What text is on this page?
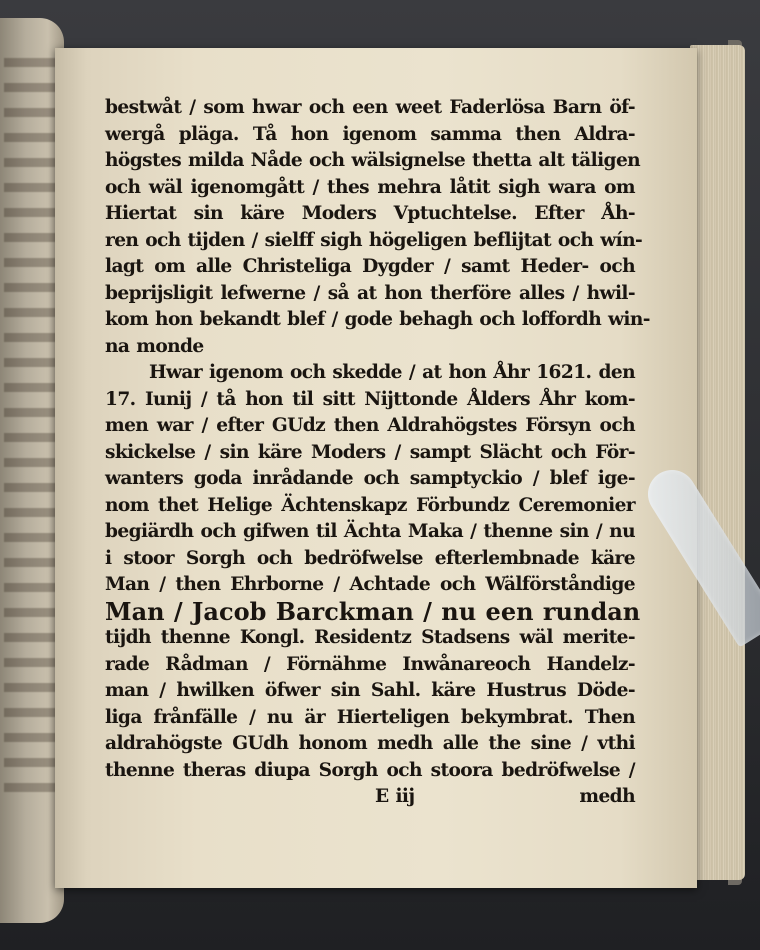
bestwåt / som hwar och een weet Faderlösa Barn öf-
wergå pläga. Tå hon igenom samma then Aldra-
högstes milda Nåde och wälsignelse thetta alt täligen
och wäl igenomgått / thes mehra låtit sigh wara om
Hiertat sin käre Moders Vptuchtelse. Efter Åh-
ren och tijden / sielff sigh högeligen beflijtat och wín-
lagt om alle Christeliga Dygder / samt Heder- och
beprijsligit lefwerne / så at hon therföre alles / hwil-
kom hon bekandt blef / gode behagh och loffordh win-
na monde
Hwar igenom och skedde / at hon Åhr 1621. den
17. Iunij / tå hon til sitt Nijttonde Ålders Åhr kom-
men war / efter GUdz then Aldrahögstes Försyn och
skickelse / sin käre Moders / sampt Slächt och För-
wanters goda inrådande och samptyckio / blef ige-
nom thet Helige Ächtenskapz Förbundz Ceremonier
begiärdh och gifwen til Ächta Maka / thenne sin / nu
i stoor Sorgh och bedröfwelse efterlembnade käre
Man / then Ehrborne / Achtade och Wälförståndige
Man / Jacob Barckman / nu een rundan
tijdh thenne Kongl. Residentz Stadsens wäl merite-
rade Rådman / Förnähme Inwånareoch Handelz-
man / hwilken öfwer sin Sahl. käre Hustrus Döde-
liga frånfälle / nu är Hierteligen bekymbrat. Then
aldrahögste GUdh honom medh alle the sine / vthi
thenne theras diupa Sorgh och stoora bedröfwelse /
E iij	medh
